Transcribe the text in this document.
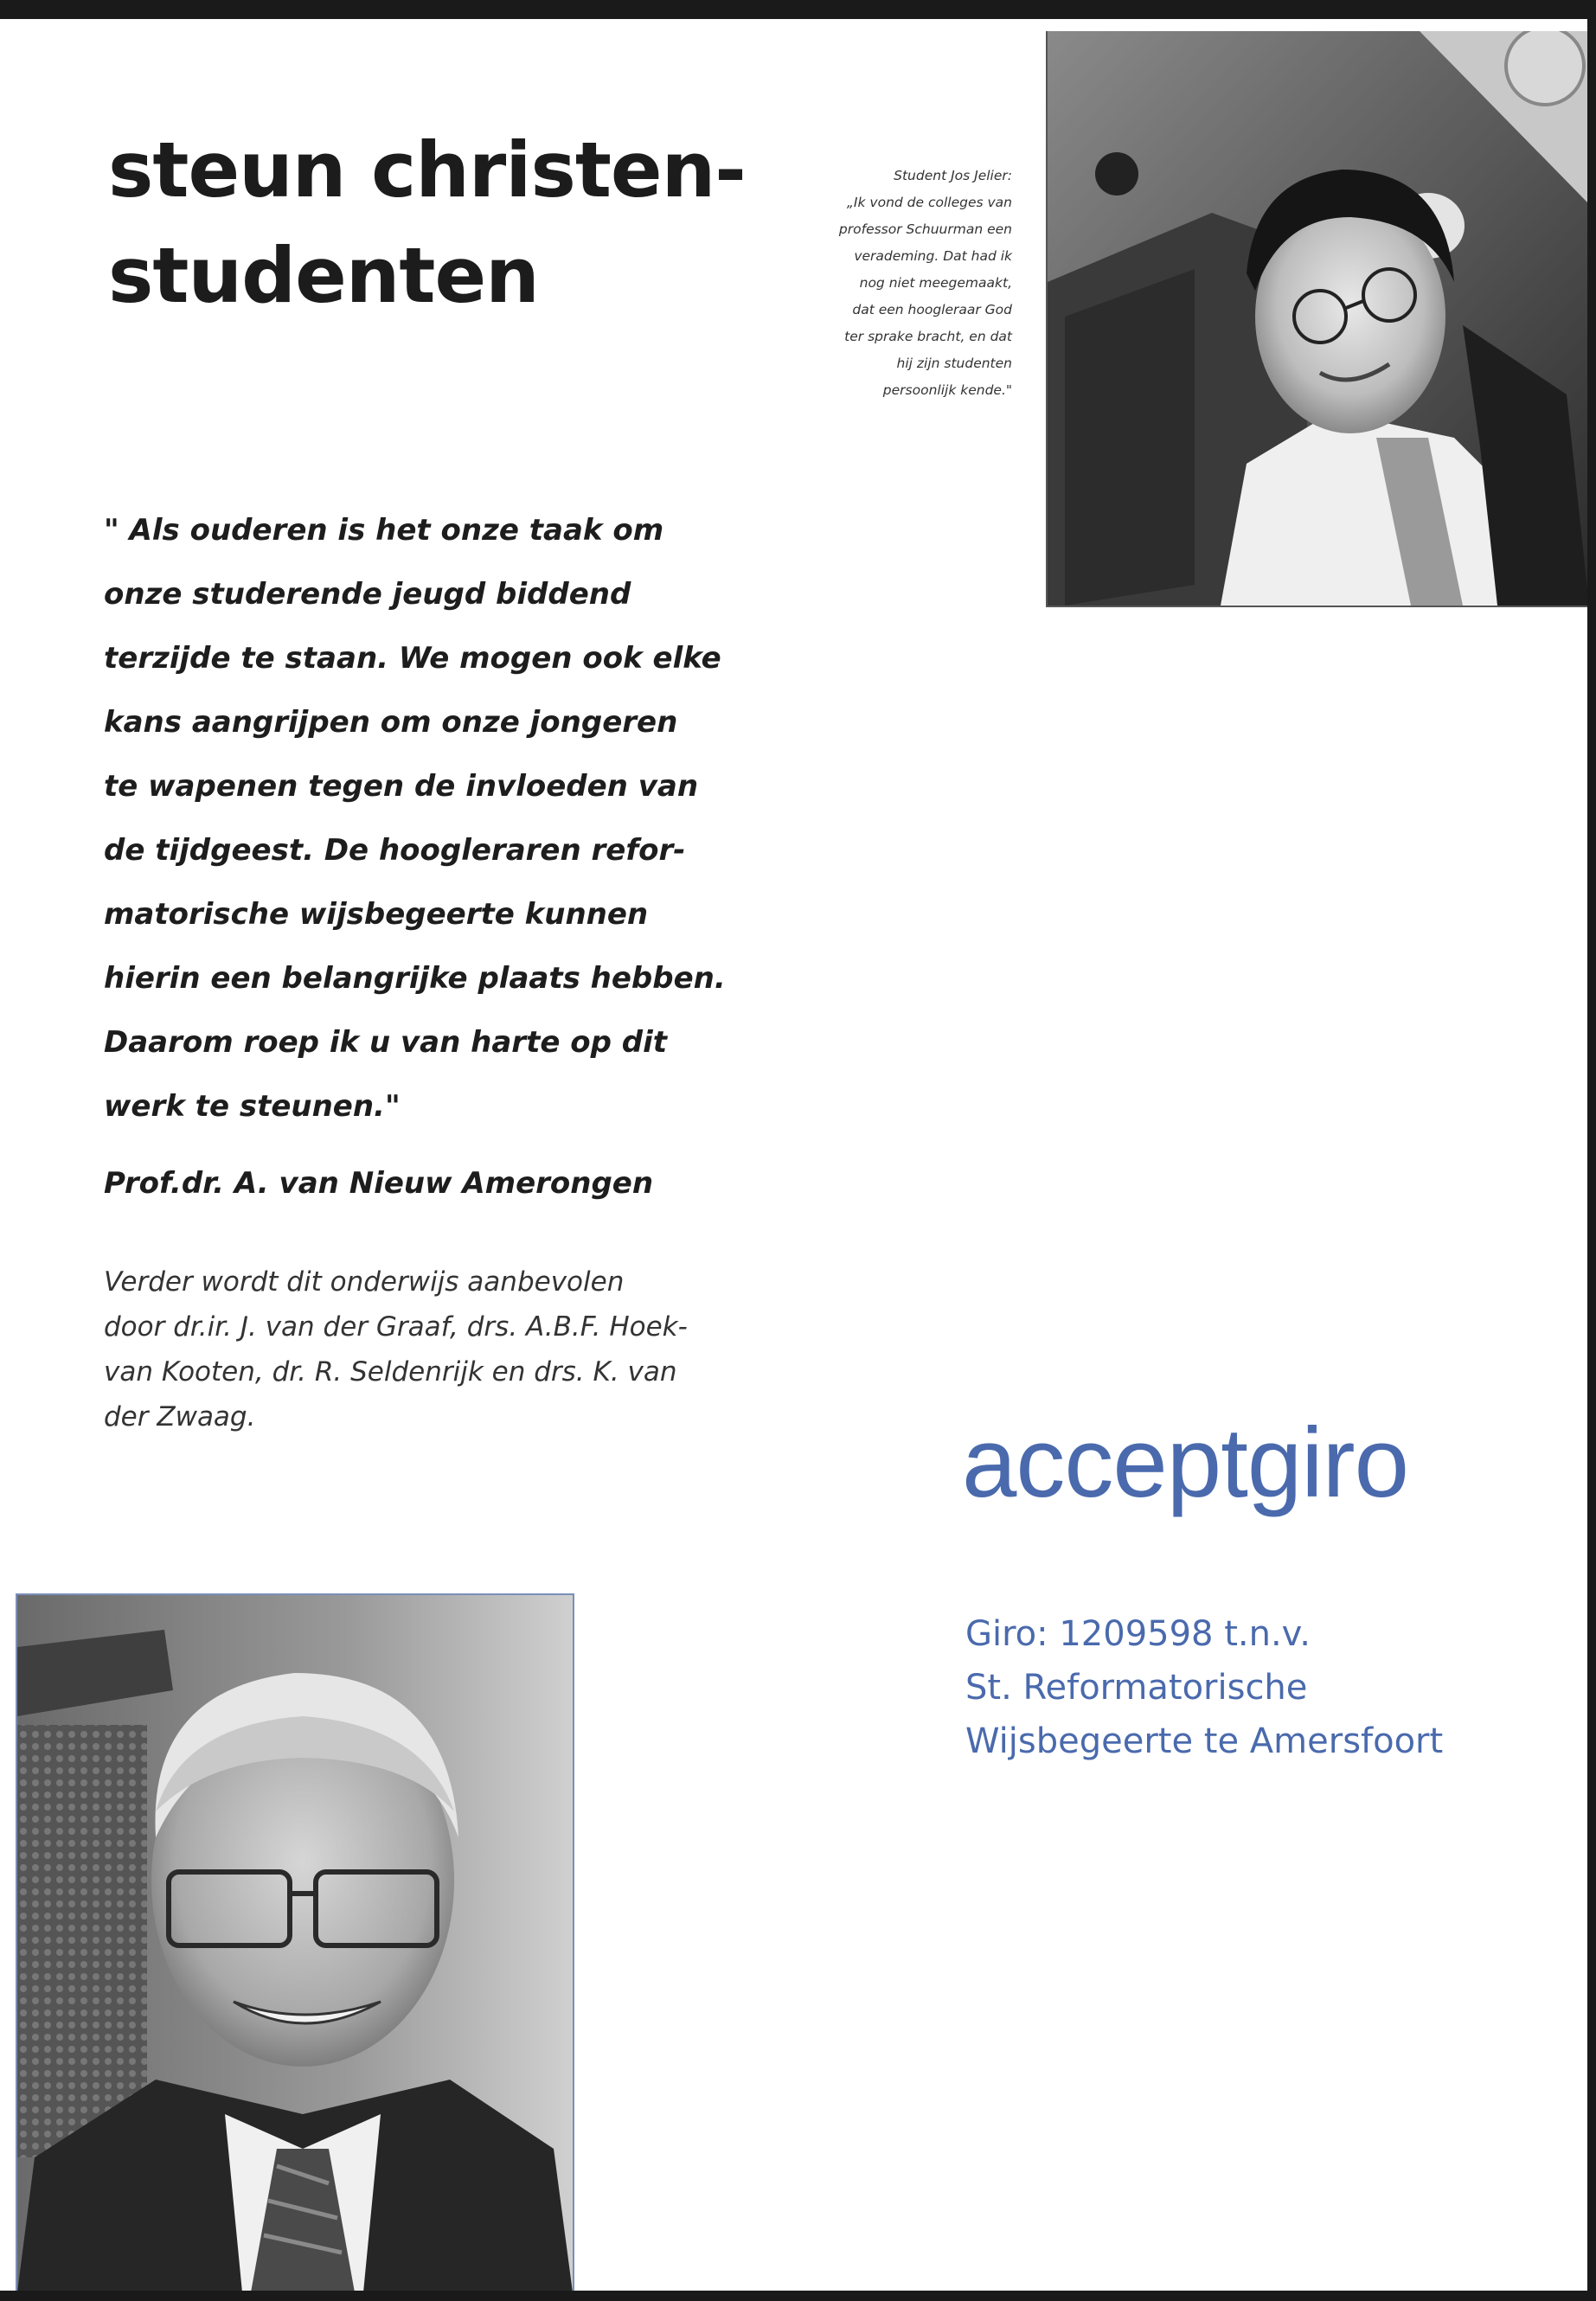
steun christen-
studenten
Student Jos Jelier:
„Ik vond de colleges van
professor Schuurman een
verademing. Dat had ik
nog niet meegemaakt,
dat een hoogleraar God
ter sprake bracht, en dat
hij zijn studenten
persoonlijk kende."
" Als ouderen is het onze taak om
onze studerende jeugd biddend
terzijde te staan. We mogen ook elke
kans aangrijpen om onze jongeren
te wapenen tegen de invloeden van
de tijdgeest. De hoogleraren refor-
matorische wijsbegeerte kunnen
hierin een belangrijke plaats hebben.
Daarom roep ik u van harte op dit
werk te steunen."
Prof.dr. A. van Nieuw Amerongen
Verder wordt dit onderwijs aanbevolen
door dr.ir. J. van der Graaf, drs. A.B.F. Hoek-
van Kooten, dr. R. Seldenrijk en drs. K. van
der Zwaag.	acceptgiro
Giro: 1209598 t.n.v.
St. Reformatorische
Wijsbegeerte te Amersfoort
